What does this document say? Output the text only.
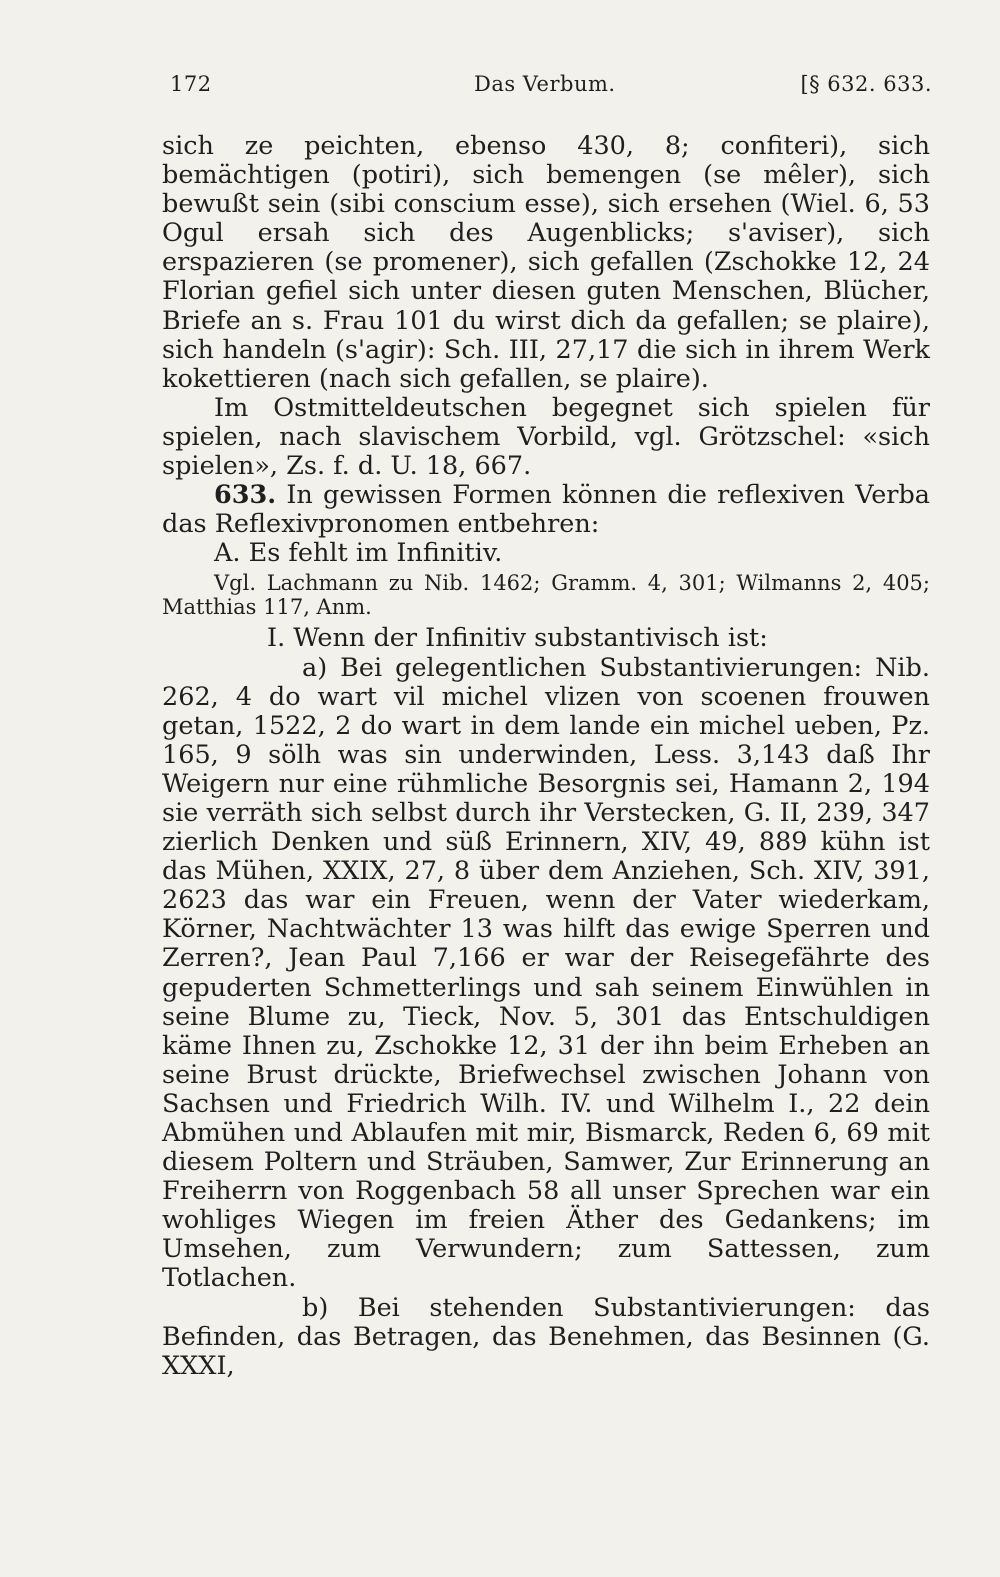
172	Das Verbum.	[§ 632. 633.

sich ze peichten, ebenso 430, 8; confiteri), sich bemächtigen (potiri), sich bemengen (se mêler), sich bewußt sein (sibi conscium esse), sich ersehen (Wiel. 6, 53 Ogul ersah sich des Augenblicks; s'aviser), sich erspazieren (se promener), sich gefallen (Zschokke 12, 24 Florian gefiel sich unter diesen guten Menschen, Blücher, Briefe an s. Frau 101 du wirst dich da gefallen; se plaire), sich handeln (s'agir): Sch. III, 27,17 die sich in ihrem Werk kokettieren (nach sich gefallen, se plaire).

Im Ostmitteldeutschen begegnet sich spielen für spielen, nach slavischem Vorbild, vgl. Grötzschel: «sich spielen», Zs. f. d. U. 18, 667.

633. In gewissen Formen können die reflexiven Verba das Reflexivpronomen entbehren:

A. Es fehlt im Infinitiv.

Vgl. Lachmann zu Nib. 1462; Gramm. 4, 301; Wilmanns 2, 405; Matthias 117, Anm.

I. Wenn der Infinitiv substantivisch ist:

a) Bei gelegentlichen Substantivierungen: Nib. 262, 4 do wart vil michel vlizen von scoenen frouwen getan, 1522, 2 do wart in dem lande ein michel ueben, Pz. 165, 9 sölh was sin underwinden, Less. 3,143 daß Ihr Weigern nur eine rühmliche Besorgnis sei, Hamann 2, 194 sie verräth sich selbst durch ihr Verstecken, G. II, 239, 347 zierlich Denken und süß Erinnern, XIV, 49, 889 kühn ist das Mühen, XXIX, 27, 8 über dem Anziehen, Sch. XIV, 391, 2623 das war ein Freuen, wenn der Vater wiederkam, Körner, Nachtwächter 13 was hilft das ewige Sperren und Zerren?, Jean Paul 7,166 er war der Reisegefährte des gepuderten Schmetterlings und sah seinem Einwühlen in seine Blume zu, Tieck, Nov. 5, 301 das Entschuldigen käme Ihnen zu, Zschokke 12, 31 der ihn beim Erheben an seine Brust drückte, Briefwechsel zwischen Johann von Sachsen und Friedrich Wilh. IV. und Wilhelm I., 22 dein Abmühen und Ablaufen mit mir, Bismarck, Reden 6, 69 mit diesem Poltern und Sträuben, Samwer, Zur Erinnerung an Freiherrn von Roggenbach 58 all unser Sprechen war ein wohliges Wiegen im freien Äther des Gedankens; im Umsehen, zum Verwundern; zum Sattessen, zum Totlachen.

b) Bei stehenden Substantivierungen: das Befinden, das Betragen, das Benehmen, das Besinnen (G. XXXI,
